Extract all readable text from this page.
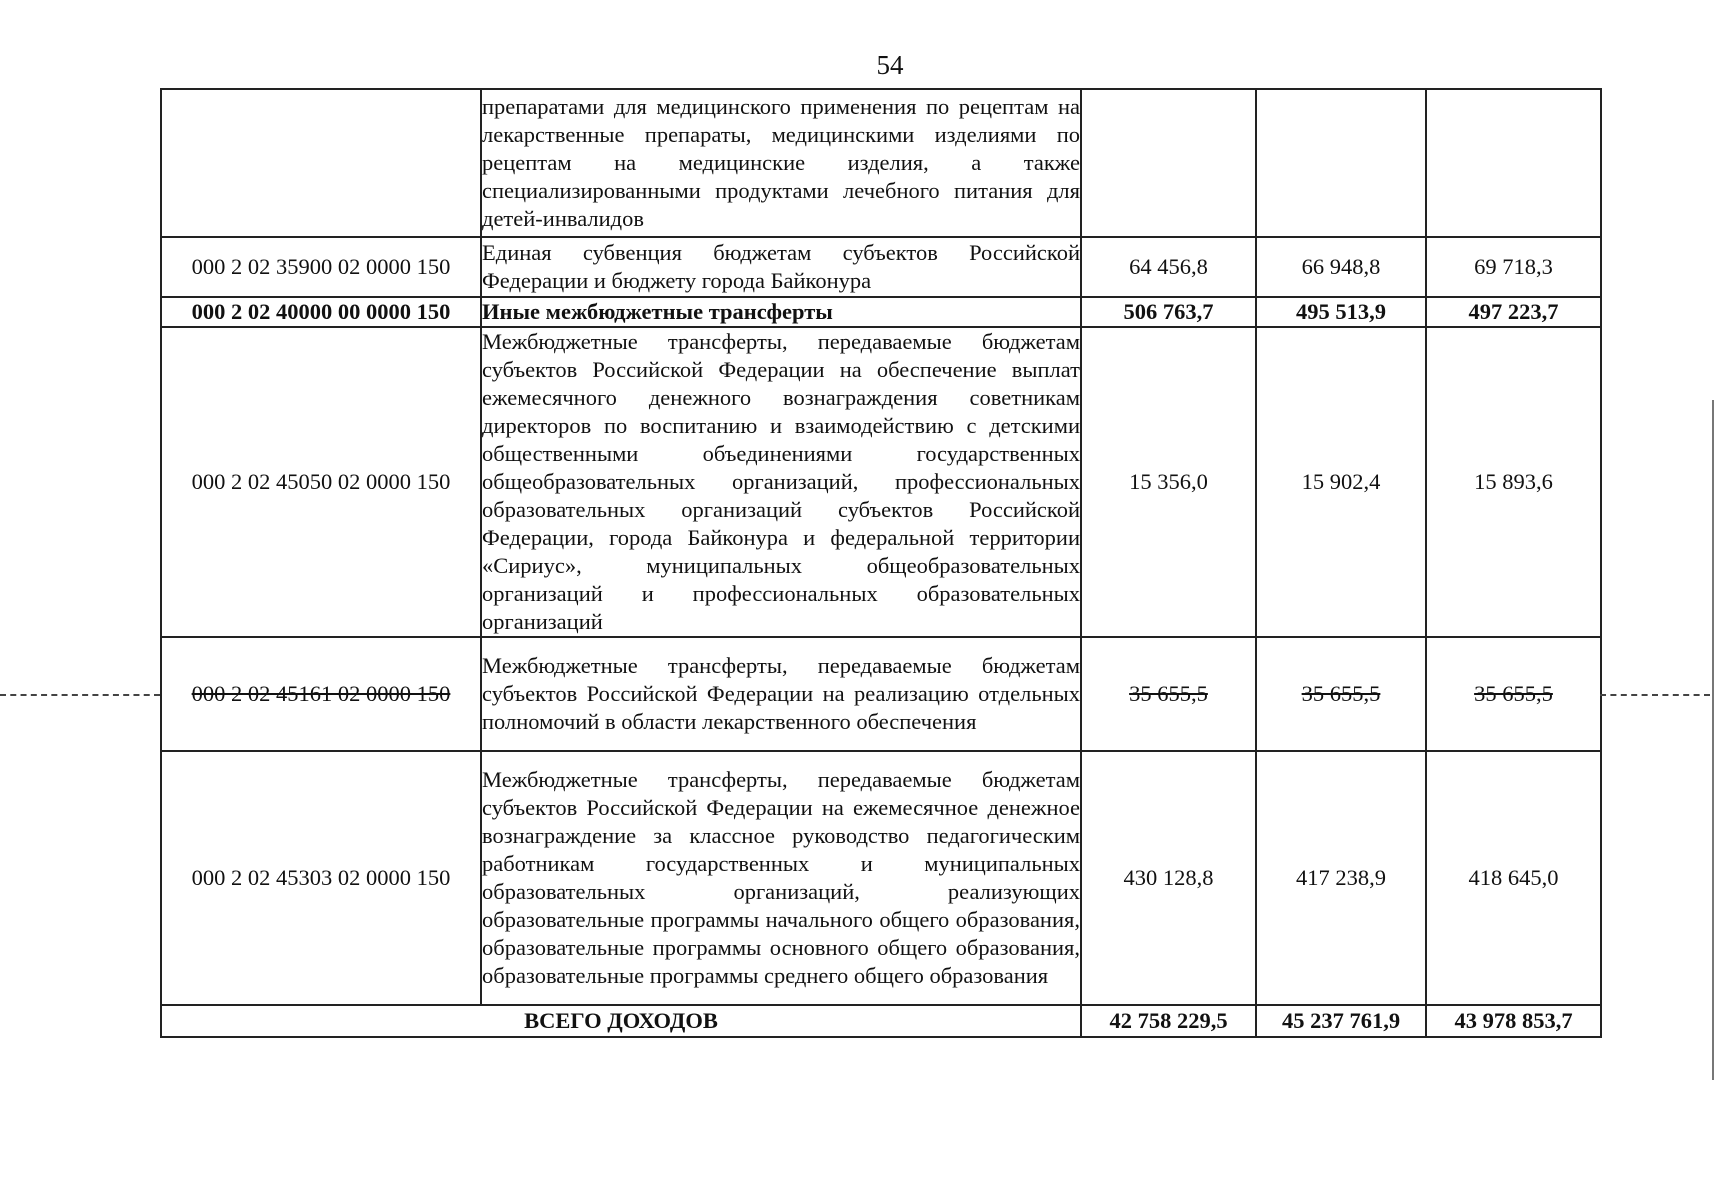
54
	препаратами для медицинского применения по рецептам на лекарственные препараты, медицинскими изделиями по рецептам на медицинские изделия, а также специализированными продуктами лечебного питания для детей-инвалидов			
000 2 02 35900 02 0000 150	Единая субвенция бюджетам субъектов Российской Федерации и бюджету города Байконура	64 456,8	66 948,8	69 718,3
000 2 02 40000 00 0000 150	Иные межбюджетные трансферты	506 763,7	495 513,9	497 223,7
000 2 02 45050 02 0000 150	Межбюджетные трансферты, передаваемые бюджетам субъектов Российской Федерации на обеспечение выплат ежемесячного денежного вознаграждения советникам директоров по воспитанию и взаимодействию с детскими общественными объединениями государственных общеобразовательных организаций, профессиональных образовательных организаций субъектов Российской Федерации, города Байконура и федеральной территории «Сириус», муниципальных общеобразовательных организаций и профессиональных образовательных организаций	15 356,0	15 902,4	15 893,6
000 2 02 45161 02 0000 150	Межбюджетные трансферты, передаваемые бюджетам субъектов Российской Федерации на реализацию отдельных полномочий в области лекарственного обеспечения	35 655,5	35 655,5	35 655,5
000 2 02 45303 02 0000 150	Межбюджетные трансферты, передаваемые бюджетам субъектов Российской Федерации на ежемесячное денежное вознаграждение за классное руководство педагогическим работникам государственных и муниципальных образовательных организаций, реализующих образовательные программы начального общего образования, образовательные программы основного общего образования, образовательные программы среднего общего образования	430 128,8	417 238,9	418 645,0
ВСЕГО ДОХОДОВ		42 758 229,5	45 237 761,9	43 978 853,7
